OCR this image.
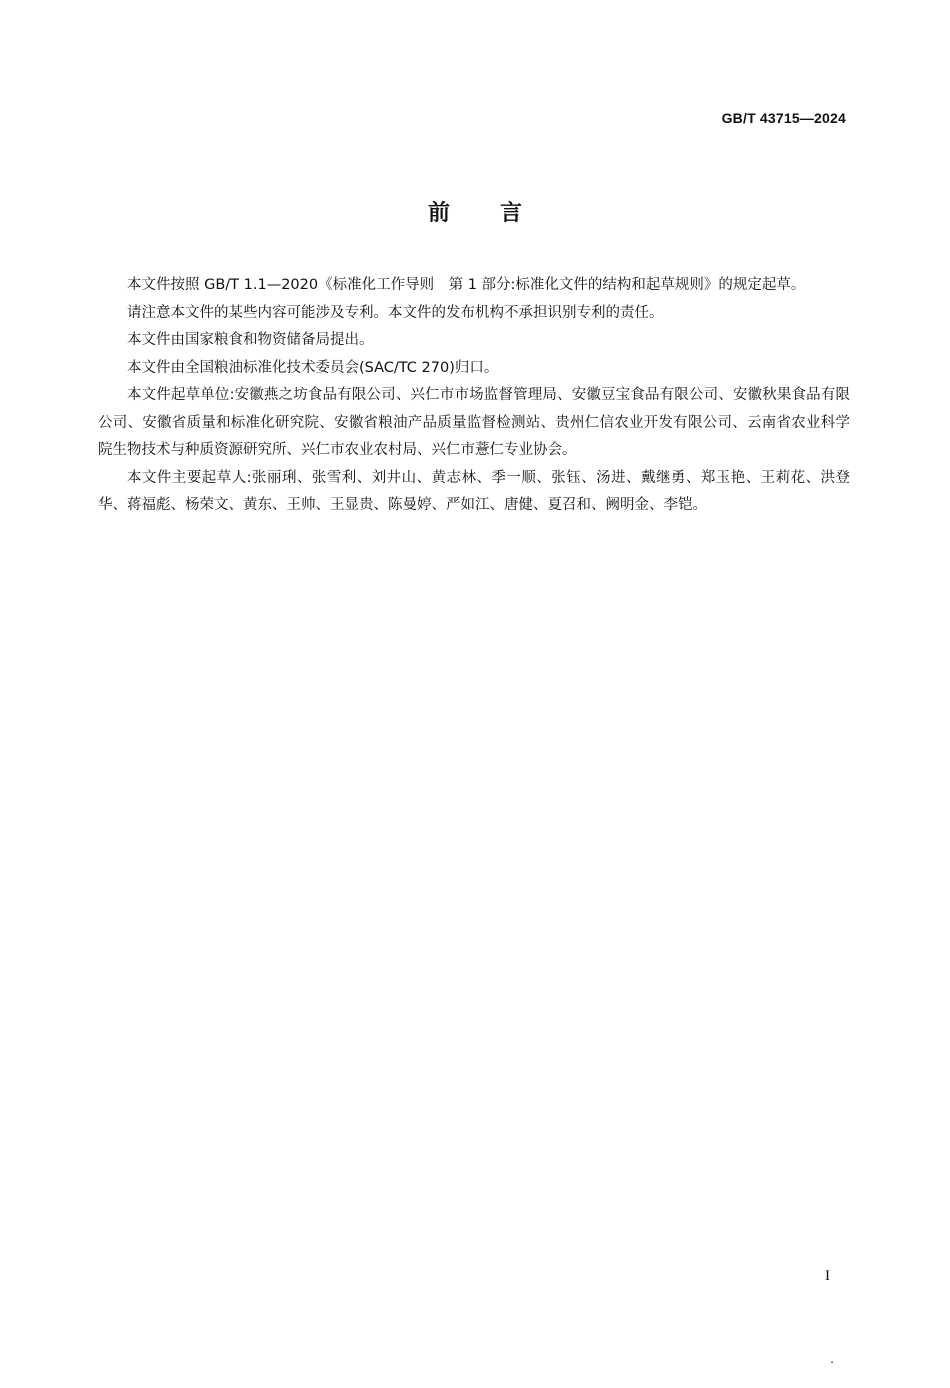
GB/T 43715—2024
前言

本文件按照 GB/T 1.1—2020《标准化工作导则　第 1 部分:标准化文件的结构和起草规则》的规定起草。

请注意本文件的某些内容可能涉及专利。本文件的发布机构不承担识别专利的责任。

本文件由国家粮食和物资储备局提出。

本文件由全国粮油标准化技术委员会(SAC/TC 270)归口。

本文件起草单位:安徽燕之坊食品有限公司、兴仁市市场监督管理局、安徽豆宝食品有限公司、安徽秋果食品有限公司、安徽省质量和标准化研究院、安徽省粮油产品质量监督检测站、贵州仁信农业开发有限公司、云南省农业科学院生物技术与种质资源研究所、兴仁市农业农村局、兴仁市薏仁专业协会。

本文件主要起草人:张丽琍、张雪利、刘井山、黄志林、季一顺、张钰、汤进、戴继勇、郑玉艳、王莉花、洪登华、蒋福彪、杨荣文、黄东、王帅、王显贵、陈曼婷、严如江、唐健、夏召和、阙明金、李铠。

I
.
